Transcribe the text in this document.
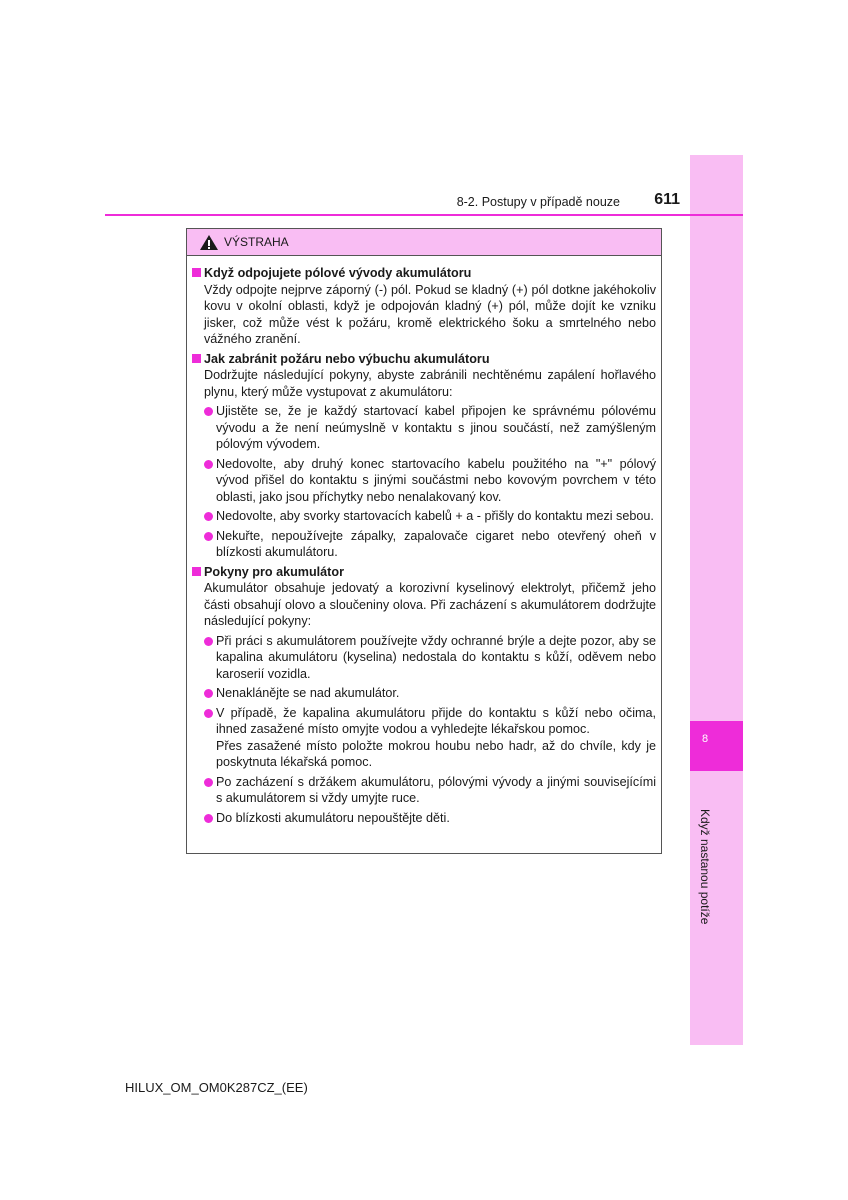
8
Když nastanou potíže
8-2. Postupy v případě nouze 611
VÝSTRAHA
Když odpojujete pólové vývody akumulátoru
Vždy odpojte nejprve záporný (-) pól. Pokud se kladný (+) pól dotkne jakéhokoliv kovu v okolní oblasti, když je odpojován kladný (+) pól, může dojít ke vzniku jisker, což může vést k požáru, kromě elektrického šoku a smrtelného nebo vážného zranění.
Jak zabránit požáru nebo výbuchu akumulátoru
Dodržujte následující pokyny, abyste zabránili nechtěnému zapálení hořlavého plynu, který může vystupovat z akumulátoru:
Ujistěte se, že je každý startovací kabel připojen ke správnému pólovému vývodu a že není neúmyslně v kontaktu s jinou součástí, než zamýšleným pólovým vývodem.
Nedovolte, aby druhý konec startovacího kabelu použitého na "+" pólový vývod přišel do kontaktu s jinými součástmi nebo kovovým povrchem v této oblasti, jako jsou příchytky nebo nenalakovaný kov.
Nedovolte, aby svorky startovacích kabelů + a - přišly do kontaktu mezi sebou.
Nekuřte, nepoužívejte zápalky, zapalovače cigaret nebo otevřený oheň v blízkosti akumulátoru.
Pokyny pro akumulátor
Akumulátor obsahuje jedovatý a korozivní kyselinový elektrolyt, přičemž jeho části obsahují olovo a sloučeniny olova. Při zacházení s akumulátorem dodržujte následující pokyny:
Při práci s akumulátorem používejte vždy ochranné brýle a dejte pozor, aby se kapalina akumulátoru (kyselina) nedostala do kontaktu s kůží, oděvem nebo karoserií vozidla.
Nenaklánějte se nad akumulátor.
V případě, že kapalina akumulátoru přijde do kontaktu s kůží nebo očima, ihned zasažené místo omyjte vodou a vyhledejte lékařskou pomoc.
Přes zasažené místo položte mokrou houbu nebo hadr, až do chvíle, kdy je poskytnuta lékařská pomoc.
Po zacházení s držákem akumulátoru, pólovými vývody a jinými souvisejícími s akumulátorem si vždy umyjte ruce.
Do blízkosti akumulátoru nepouštějte děti.
HILUX_OM_OM0K287CZ_(EE)
